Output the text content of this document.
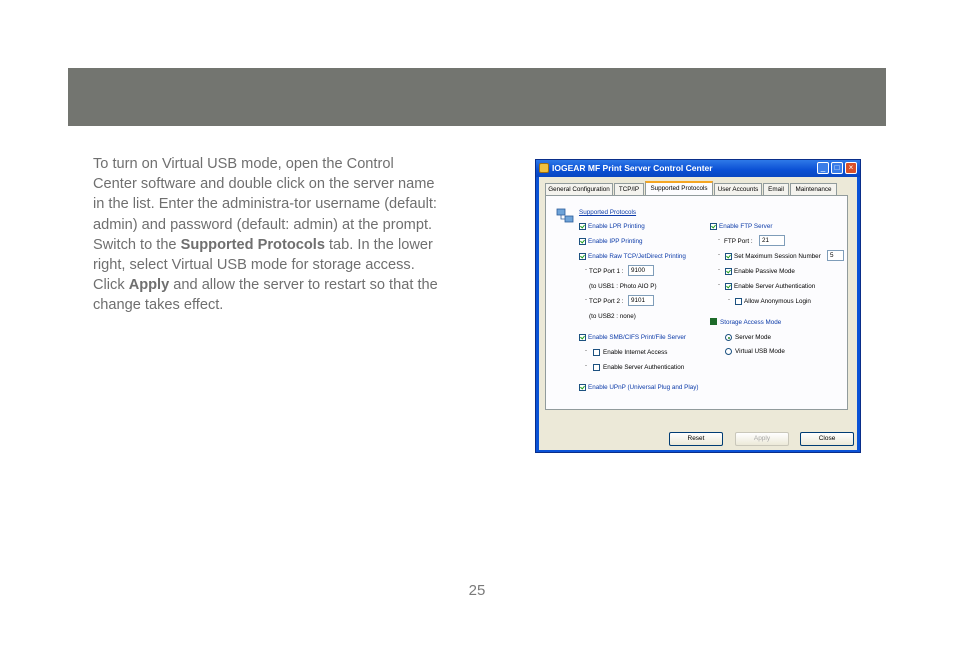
To turn on Virtual USB mode, open the Control Center software and double click on the server name in the list. Enter the administra-tor username (default: admin) and password (default: admin) at the prompt. Switch to the Supported Protocols tab. In the lower right, select Virtual USB mode for storage access. Click Apply and allow the server to restart so that the change takes effect.
25
IOGEAR MF Print Server Control Center	_	□	×
General Configuration	TCP/IP	Supported Protocols	User Accounts	Email	Maintenance
Supported Protocols
Enable LPR Printing
Enable IPP Printing
Enable Raw TCP/JetDirect Printing
- TCP Port 1 :	9100
(to USB1 : Photo AIO P)
- TCP Port 2 :	9101
(to USB2 : none)
Enable SMB/CIFS Print/File Server
-	Enable Internet Access
-	Enable Server Authentication
Enable UPnP (Universal Plug and Play)
Enable FTP Server
- FTP Port :	21
- Set Maximum Session Number	5
- Enable Passive Mode
- Enable Server Authentication
- Allow Anonymous Login
Storage Access Mode
Server Mode
Virtual USB Mode
Reset	Apply	Close
